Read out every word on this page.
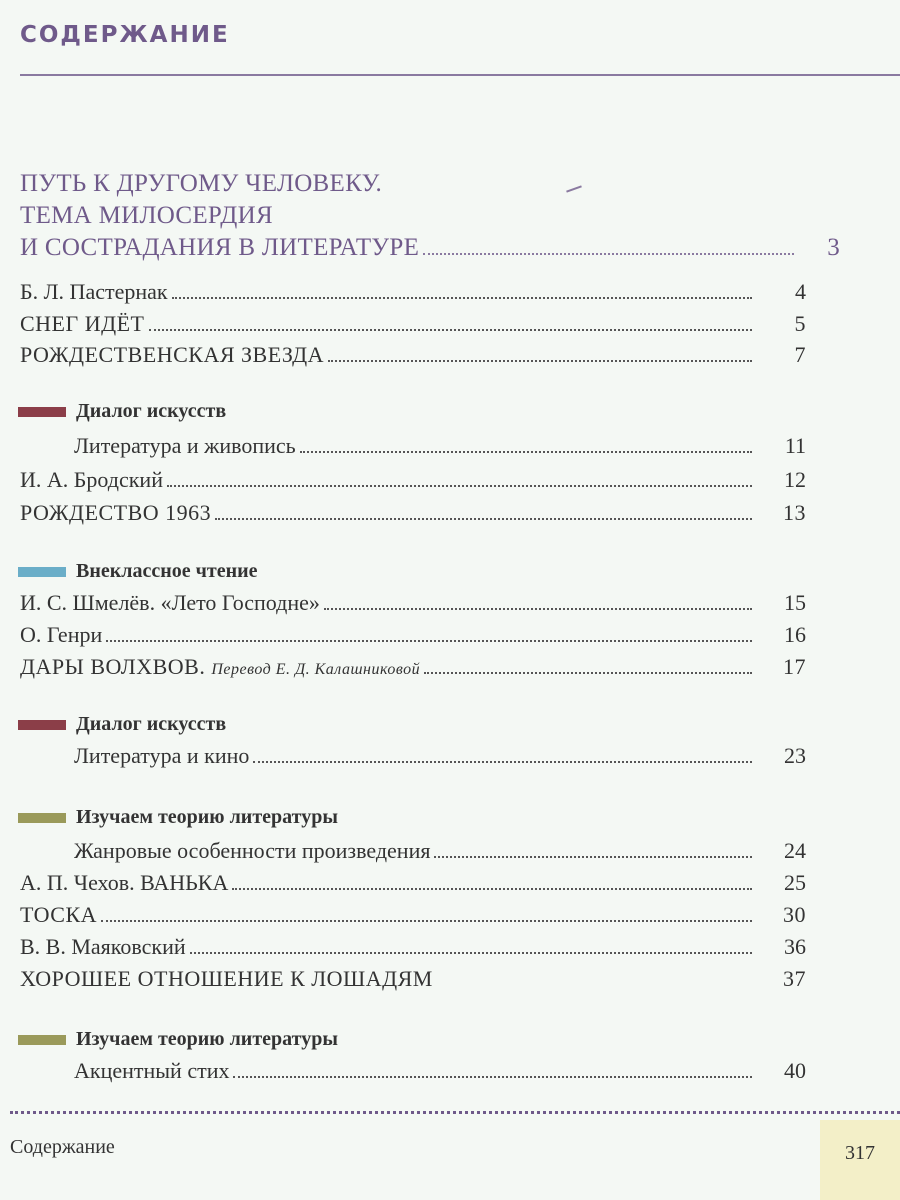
СОДЕРЖАНИЕ
ПУТЬ К ДРУГОМУ ЧЕЛОВЕКУ.
ТЕМА МИЛОСЕРДИЯ
И СОСТРАДАНИЯ В ЛИТЕРАТУРЕ	3
Б. Л. Пастернак	4
СНЕГ ИДЁТ	5
РОЖДЕСТВЕНСКАЯ ЗВЕЗДА	7
Диалог искусств
Литература и живопись	11
И. А. Бродский	12
РОЖДЕСТВО 1963	13
Внеклассное чтение
И. С. Шмелёв. «Лето Господне»	15
О. Генри	16
ДАРЫ ВОЛХВОВ. Перевод Е. Д. Калашниковой	17
Диалог искусств
Литература и кино	23
Изучаем теорию литературы
Жанровые особенности произведения	24
А. П. Чехов. ВАНЬКА	25
ТОСКА	30
В. В. Маяковский	36
ХОРОШЕЕ ОТНОШЕНИЕ К ЛОШАДЯМ	37
Изучаем теорию литературы
Акцентный стих	40
Содержание	317
